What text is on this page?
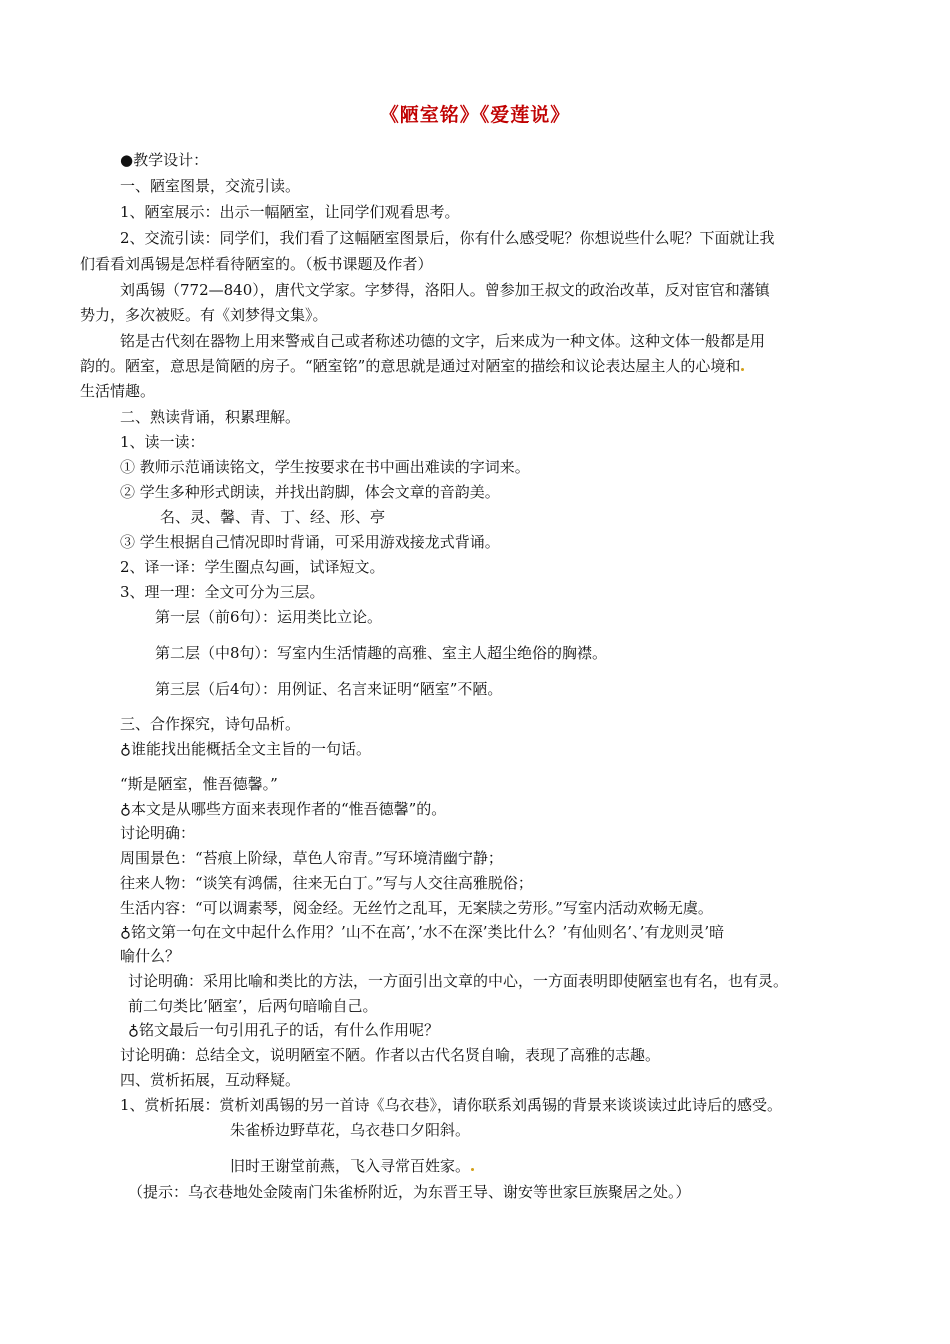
《陋室铭》《爱莲说》
●教学设计：
一、陋室图景，交流引读。
1、陋室展示：出示一幅陋室，让同学们观看思考。
2、交流引读：同学们，我们看了这幅陋室图景后，你有什么感受呢？你想说些什么呢？下面就让我
们看看刘禹锡是怎样看待陋室的。（板书课题及作者）
刘禹锡（772—840），唐代文学家。字梦得，洛阳人。曾参加王叔文的政治改革，反对宦官和藩镇
势力，多次被贬。有《刘梦得文集》。
铭是古代刻在器物上用来警戒自己或者称述功德的文字，后来成为一种文体。这种文体一般都是用
韵的。陋室，意思是简陋的房子。“陋室铭”的意思就是通过对陋室的描绘和议论表达屋主人的心境和
生活情趣。
二、熟读背诵，积累理解。
1、读一读：
① 教师示范诵读铭文，学生按要求在书中画出难读的字词来。
② 学生多种形式朗读，并找出韵脚，体会文章的音韵美。
名、灵、馨、青、丁、经、形、亭
③ 学生根据自己情况即时背诵，可采用游戏接龙式背诵。
2、译一译：学生圈点勾画，试译短文。
3、理一理：全文可分为三层。
第一层（前6句）：运用类比立论。
第二层（中8句）：写室内生活情趣的高雅、室主人超尘绝俗的胸襟。
第三层（后4句）：用例证、名言来证明“陋室”不陋。
三、合作探究，诗句品析。
♁谁能找出能概括全文主旨的一句话。
“斯是陋室，惟吾德馨。”
♁本文是从哪些方面来表现作者的“惟吾德馨”的。
讨论明确：
周围景色：“苔痕上阶绿，草色人帘青。”写环境清幽宁静；
往来人物：“谈笑有鸿儒，往来无白丁。”写与人交往高雅脱俗；
生活内容：“可以调素琴，阅金经。无丝竹之乱耳，无案牍之劳形。”写室内活动欢畅无虞。
♁铭文第一句在文中起什么作用？’山不在高’，’水不在深’类比什么？’有仙则名’、’有龙则灵’暗
喻什么？
讨论明确：采用比喻和类比的方法，一方面引出文章的中心，一方面表明即使陋室也有名，也有灵。
前二句类比’陋室’，后两句暗喻自己。
♁铭文最后一句引用孔子的话，有什么作用呢？
讨论明确：总结全文，说明陋室不陋。作者以古代名贤自喻，表现了高雅的志趣。
四、赏析拓展，互动释疑。
1、赏析拓展：赏析刘禹锡的另一首诗《乌衣巷》，请你联系刘禹锡的背景来谈谈读过此诗后的感受。
朱雀桥边野草花，乌衣巷口夕阳斜。
旧时王谢堂前燕，飞入寻常百姓家。
（提示：乌衣巷地处金陵南门朱雀桥附近，为东晋王导、谢安等世家巨族聚居之处。）
